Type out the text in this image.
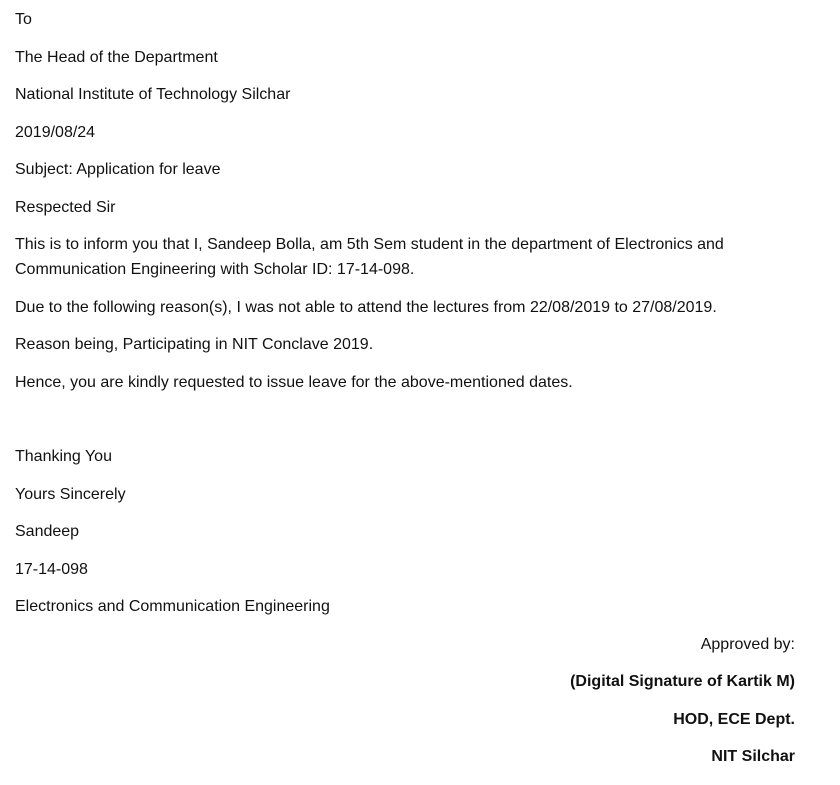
To
The Head of the Department
National Institute of Technology Silchar
2019/08/24
Subject: Application for leave
Respected Sir
This is to inform you that I, Sandeep Bolla, am 5th Sem student in the department of Electronics and Communication Engineering with Scholar ID: 17-14-098.
Due to the following reason(s), I was not able to attend the lectures from 22/08/2019 to 27/08/2019.
Reason being, Participating in NIT Conclave 2019.
Hence, you are kindly requested to issue leave for the above-mentioned dates.
Thanking You
Yours Sincerely
Sandeep
17-14-098
Electronics and Communication Engineering
Approved by:
(Digital Signature of Kartik M)
HOD, ECE Dept.
NIT Silchar
